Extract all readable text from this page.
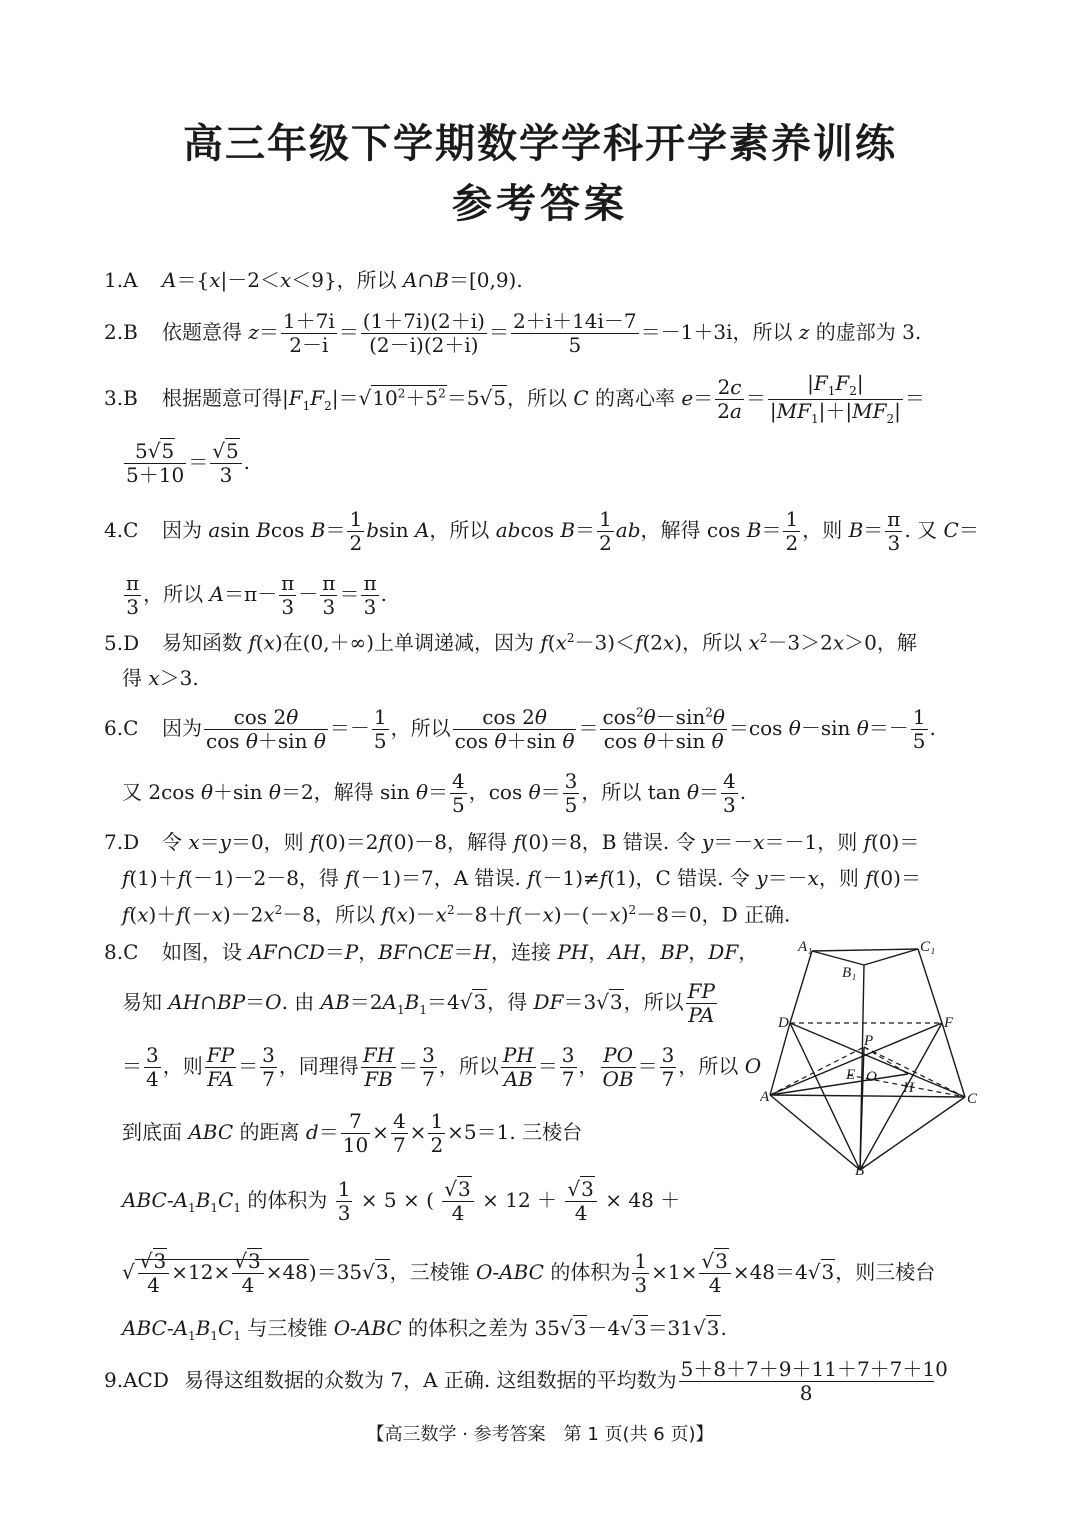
高三年级下学期数学学科开学素养训练
参考答案
1.A A＝{x|－2＜x＜9}，所以 A∩B＝[0,9).
2.B 依题意得 $z= \frac{1+7i}{2-i} = \frac{(1+7i)(2+i)}{(2-i)(2+i)} = \frac{2+i+14i-7}{5} =-1+3i$，所以 z 的虚部为 3.
3.B 根据题意可得$|F_1F_2|=√10^2+5^2=5√5$，所以 C 的离心率 $e= \frac{2c}{2a} = \frac{|F_1F_2|}{|MF_1|+|MF_2|}$ ＝
$\frac{5√5}{5+10} = \frac{√5}{3}$ .
4.C 因为 asin Bcos $B= \frac{1}{2}$ bsin A，所以 abcos $B= \frac{1}{2}$ ab，解得 $\cos B= \frac{1}{2}$ ，则 $B= \frac{\pi}{3}$ . 又 C＝
$\frac{\pi}{3}$ ，所以 $A=\pi- \frac{\pi}{3} - \frac{\pi}{3} = \frac{\pi}{3}$ .
5.D 易知函数 f(x)在(0,＋∞)上单调递减，因为 $f(x^2-3)<f(2x)$，所以 $x^2-3>2x>0$，解
得 x＞3.
6.C 因为 $\frac{\cos 2\theta}{\text{cos θ＋sin θ}} =- \frac{1}{5}$ ，所以 $\frac{\cos 2\theta}{\text{cos θ＋sin θ}} = \frac{\cos^2\theta-\sin^2\theta}{\text{cos θ＋sin θ}} =\cos$ θ－sin $\theta=- \frac{1}{5}$ .
又 2cos θ＋sin θ＝2，解得 $\sin \theta= \frac{4}{5}$ ，$\cos \theta= \frac{3}{5}$ ，所以 $\tan \theta= \frac{4}{3}$ .
7.D 令 x＝y＝0，则 f(0)＝2f(0)－8，解得 f(0)＝8，B 错误. 令 y＝－x＝－1，则 f(0)＝
f(1)＋f(－1)－2－8，得 f(－1)＝7，A 错误. f(－1)≠f(1)，C 错误. 令 y＝－x，则 f(0)＝
$f(x)+f(-x)-2x^2-8$，所以 $f(x)-x^2-8+f(-x)-(-x)^2-8=0$，D 正确.
8.C 如图，设 AF∩CD＝P，BF∩CE＝H，连接 PH，AH，BP，DF，
易知 AH∩BP＝O. 由 $AB=2A_1B_1=4√3$，得 DF＝3√3，所以 $\frac{FP}{PA}$
＝ $\frac{3}{4}$ ，则 $\frac{FP}{FA} = \frac{3}{7}$ ，同理得 $\frac{FH}{FB} = \frac{3}{7}$ ，所以 $\frac{PH}{AB} = \frac{3}{7}$ ， $\frac{PO}{OB} = \frac{3}{7}$ ，所以 O
到底面 ABC 的距离 $d= \frac{7}{10} \times \frac{4}{7} \times \frac{1}{2} \times 5=1$. 三棱台
ABC-$A_1B_1C_1$ 的体积为 $\frac{1}{3} \times 5$ × ( $\frac{√3}{4} \times 12 + \frac{√3}{4} \times 48$ ＋
√ $\frac{√3}{4} \times 12\times \frac{√3}{4} \times 48)=35√3$，三棱锥 O-ABC 的体积为 $\frac{1}{3} \times 1\times \frac{√3}{4} \times 48=4√3$，则三棱台
ABC-$A_1B_1C_1$ 与三棱锥 O-ABC 的体积之差为 35√3－4√3＝31√3.
9.ACD 易得这组数据的众数为 7，A 正确. 这组数据的平均数为 $\frac{5+8+7+9+11+7+7+10}{8}$
A₁
B₁
C₁
D	F
P
E O
H
A
B
C
【高三数学 · 参考答案　第 1 页(共 6 页)】
